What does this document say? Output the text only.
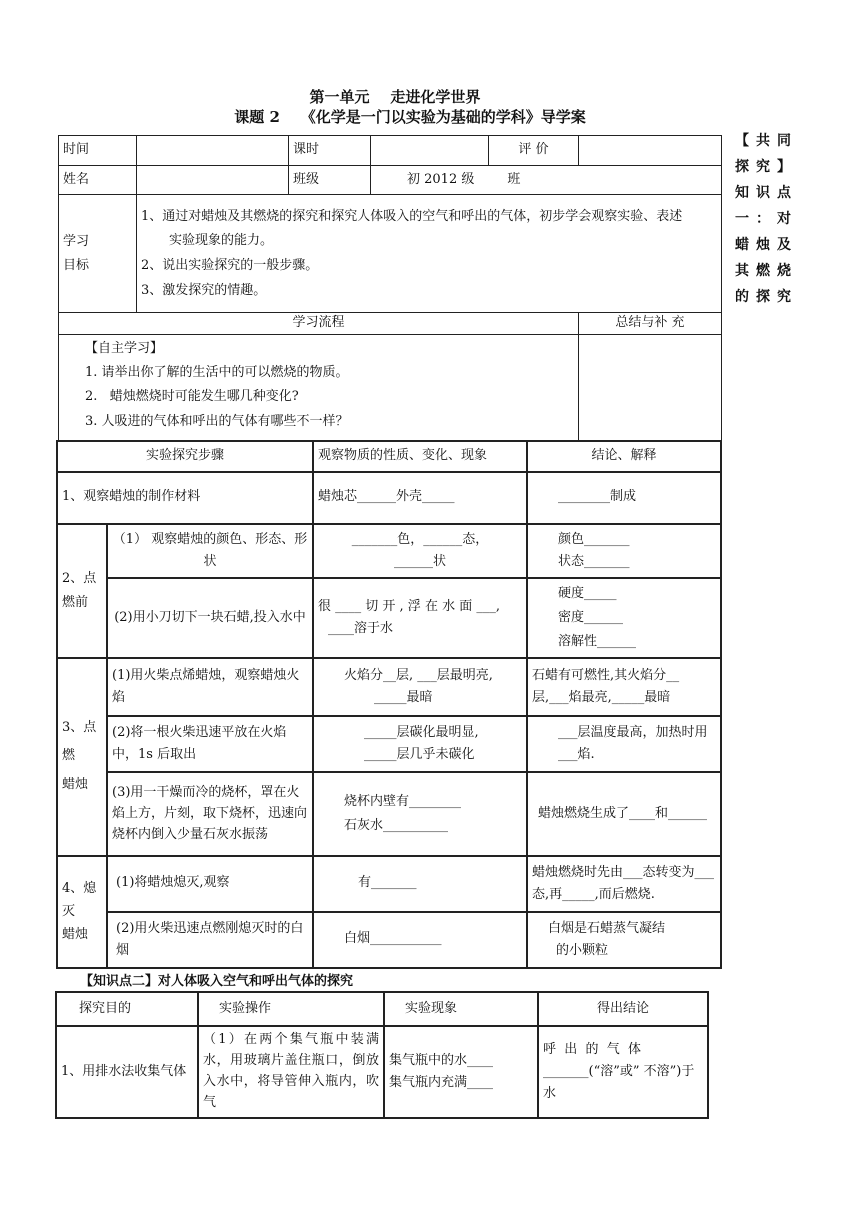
第一单元    走进化学世界
课题 2    《化学是一门以实验为基础的学科》导学案
【共同
探究】
知识点
一：对
蜡烛及
其燃烧
的探究
时间		课时		评 价	
姓名		班级	初 2012 级        班		
学习
目标	1、通过对蜡烛及其燃烧的探究和探究人体吸入的空气和呼出的气体，初步学会观察实验、表述
实验现象的能力。
2、说出实验探究的一般步骤。
3、激发探究的情趣。				

学习流程					总结与补 充

【自主学习】
1. 请举出你了解的生活中的可以燃烧的物质。
2.   蜡烛燃烧时可能发生哪几种变化?
3. 人吸进的气体和呼出的气体有哪些不一样？					

实验探究步骤		观察物质的性质、变化、现象	结论、解释
1、观察蜡烛的制作材料		蜡烛芯______外壳_____	________制成
2、点
燃前	（1） 观察蜡烛的颜色、形态、形状	_______色，______态，
______状	颜色_______
状态_______

	(2)用小刀切下一块石蜡,投入水中	很 ____ 切 开 , 浮 在 水 面 ___,
____溶于水	硬度_____
密度______
溶解性______

3、点燃
蜡烛	(1)用火柴点烯蜡烛，观察蜡烛火焰	火焰分__层, ___层最明亮,
_____最暗	石蜡有可燃性,其火焰分__
层,___焰最亮,_____最暗

	(2)将一根火柴迅速平放在火焰中，1s 后取出	_____层碳化最明显,
_____层几乎未碳化	___层温度最高，加热时用___焰.
	(3)用一干燥而冷的烧杯，罩在火焰上方，片刻，取下烧杯，迅速向烧杯内倒入少量石灰水振荡	烧杯内壁有________
石灰水__________	蜡烛燃烧生成了____和______
4、熄灭
蜡烛	(1)将蜡烛熄灭,观察	有_______	蜡烛燃烧时先由___态转变为___态,再_____,而后燃烧.
	(2)用火柴迅速点燃刚熄灭时的白烟	白烟___________	白烟是石蜡蒸气凝结
的小颗粒
【知识点二】对人体吸入空气和呼出气体的探究
探究目的	实验操作	实验现象	得出结论
1、用排水法收集气体	（1）在两个集气瓶中装满水，用玻璃片盖住瓶口，倒放入水中，将导管伸入瓶内，吹气	集气瓶中的水____
集气瓶内充满____	呼  出  的  气  体 _______(“溶”或” 不溶”)于水
